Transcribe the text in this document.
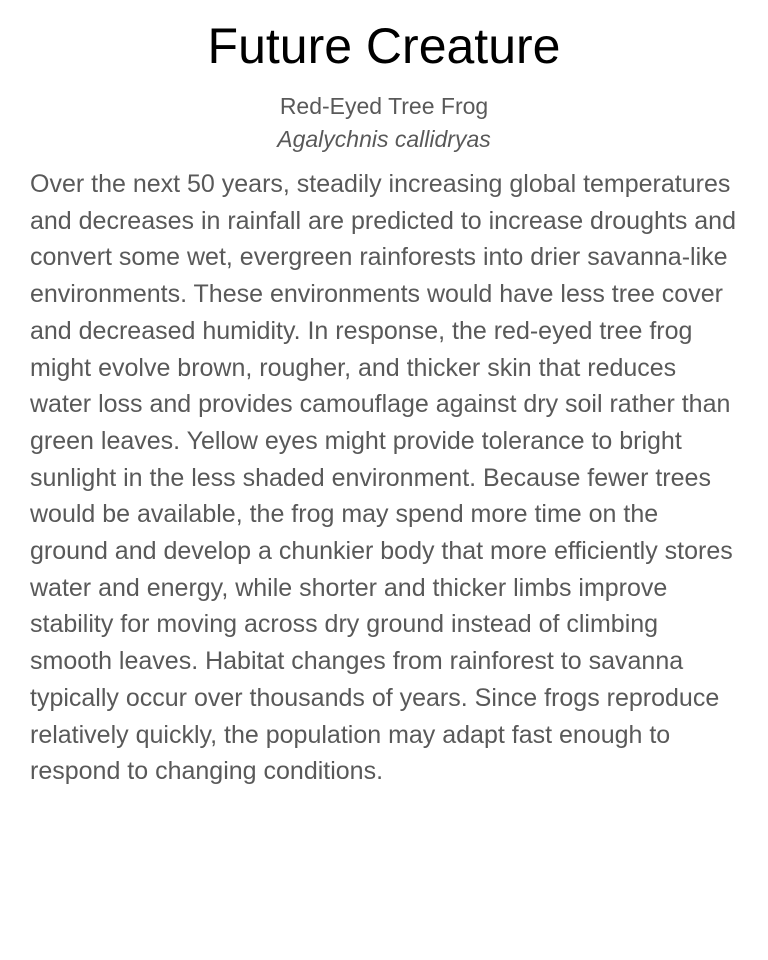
Future Creature
Red-Eyed Tree Frog
Agalychnis callidryas

Over the next 50 years, steadily increasing global temperatures and decreases in rainfall are predicted to increase droughts and convert some wet, evergreen rainforests into drier savanna-like environments. These environments would have less tree cover and decreased humidity. In response, the red-eyed tree frog might evolve brown, rougher, and thicker skin that reduces water loss and provides camouflage against dry soil rather than green leaves. Yellow eyes might provide tolerance to bright sunlight in the less shaded environment. Because fewer trees would be available, the frog may spend more time on the ground and develop a chunkier body that more efficiently stores water and energy, while shorter and thicker limbs improve stability for moving across dry ground instead of climbing smooth leaves. Habitat changes from rainforest to savanna typically occur over thousands of years. Since frogs reproduce relatively quickly, the population may adapt fast enough to respond to changing conditions.
